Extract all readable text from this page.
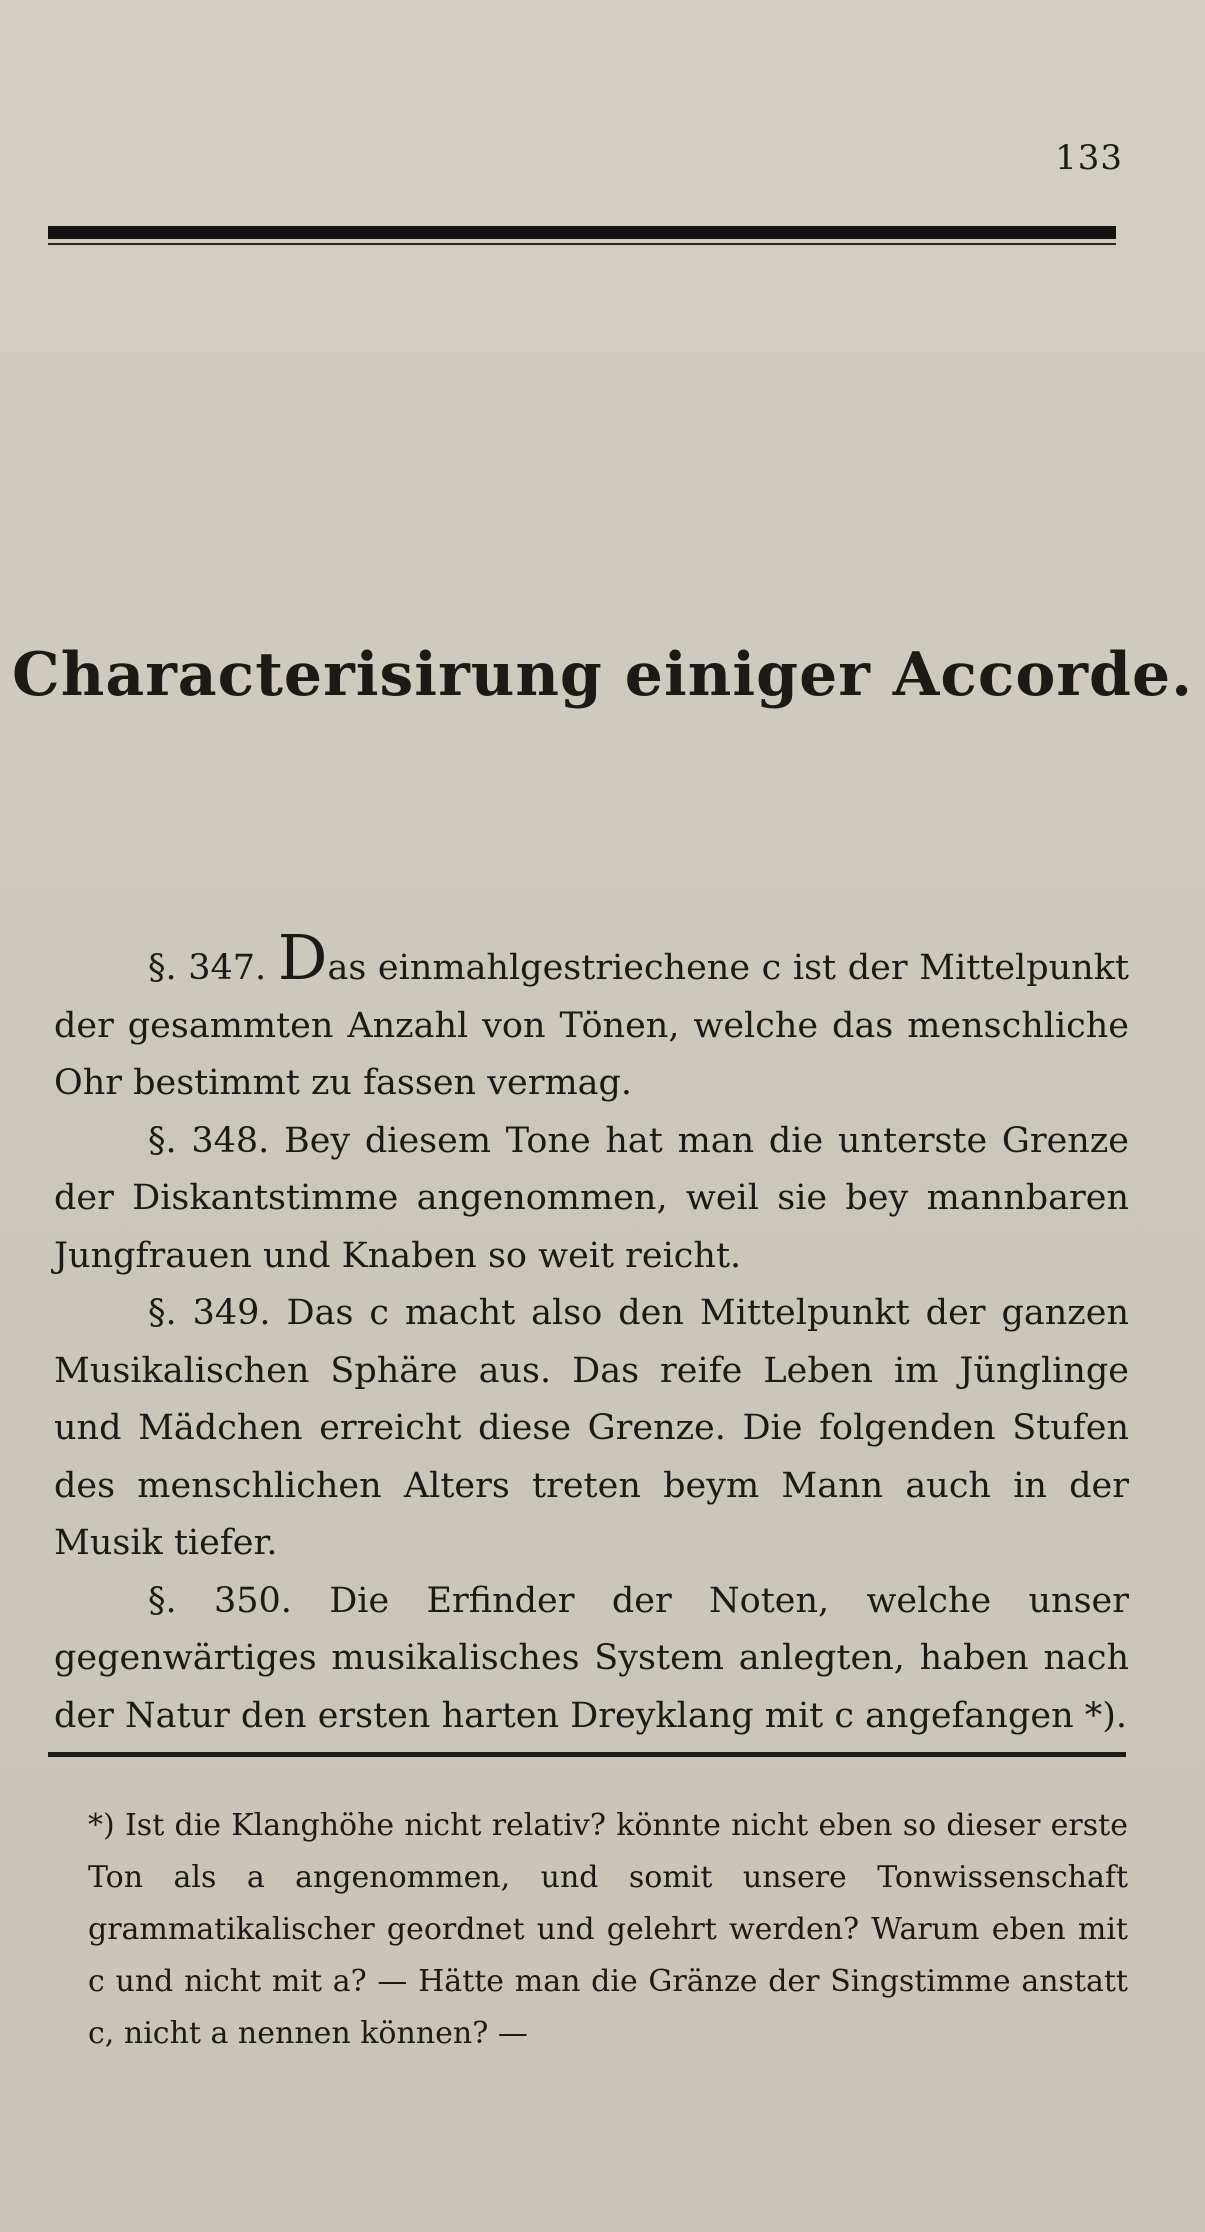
133
Characterisirung einiger Accorde.

§. 347. Das einmahlgestriechene c ist der Mittelpunkt der gesammten Anzahl von Tönen, welche das menschliche Ohr bestimmt zu fassen vermag.

§. 348. Bey diesem Tone hat man die unterste Grenze der Diskantstimme angenommen, weil sie bey mannbaren Jungfrauen und Knaben so weit reicht.

§. 349. Das c macht also den Mittelpunkt der ganzen Musikalischen Sphäre aus. Das reife Leben im Jünglinge und Mädchen erreicht diese Grenze. Die folgenden Stufen des menschlichen Alters treten beym Mann auch in der Musik tiefer.

§. 350. Die Erfinder der Noten, welche unser gegenwärtiges musikalisches System anlegten, haben nach der Natur den ersten harten Dreyklang mit c angefangen *).

*) Ist die Klanghöhe nicht relativ? könnte nicht eben so dieser erste Ton als a angenommen, und somit unsere Tonwissenschaft grammatikalischer geordnet und gelehrt werden? Warum eben mit c und nicht mit a? — Hätte man die Gränze der Singstimme anstatt c, nicht a nennen können? —
